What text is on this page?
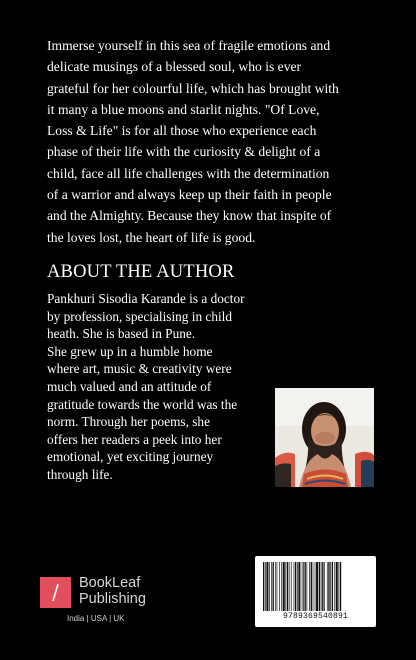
Immerse yourself in this sea of fragile emotions and
delicate musings of a blessed soul, who is ever
grateful for her colourful life, which has brought with
it many a blue moons and starlit nights. "Of Love,
Loss & Life" is for all those who experience each
phase of their life with the curiosity & delight of a
child, face all life challenges with the determination
of a warrior and always keep up their faith in people
and the Almighty. Because they know that inspite of
the loves lost, the heart of life is good.

ABOUT THE AUTHOR

Pankhuri Sisodia Karande is a doctor
by profession, specialising in child
heath. She is based in Pune.
She grew up in a humble home
where art, music & creativity were
much valued and an attitude of
gratitude towards the world was the
norm. Through her poems, she
offers her readers a peek into her
emotional, yet exciting journey
through life.

BookLeaf
Publishing
India | USA | UK	9789369540891
